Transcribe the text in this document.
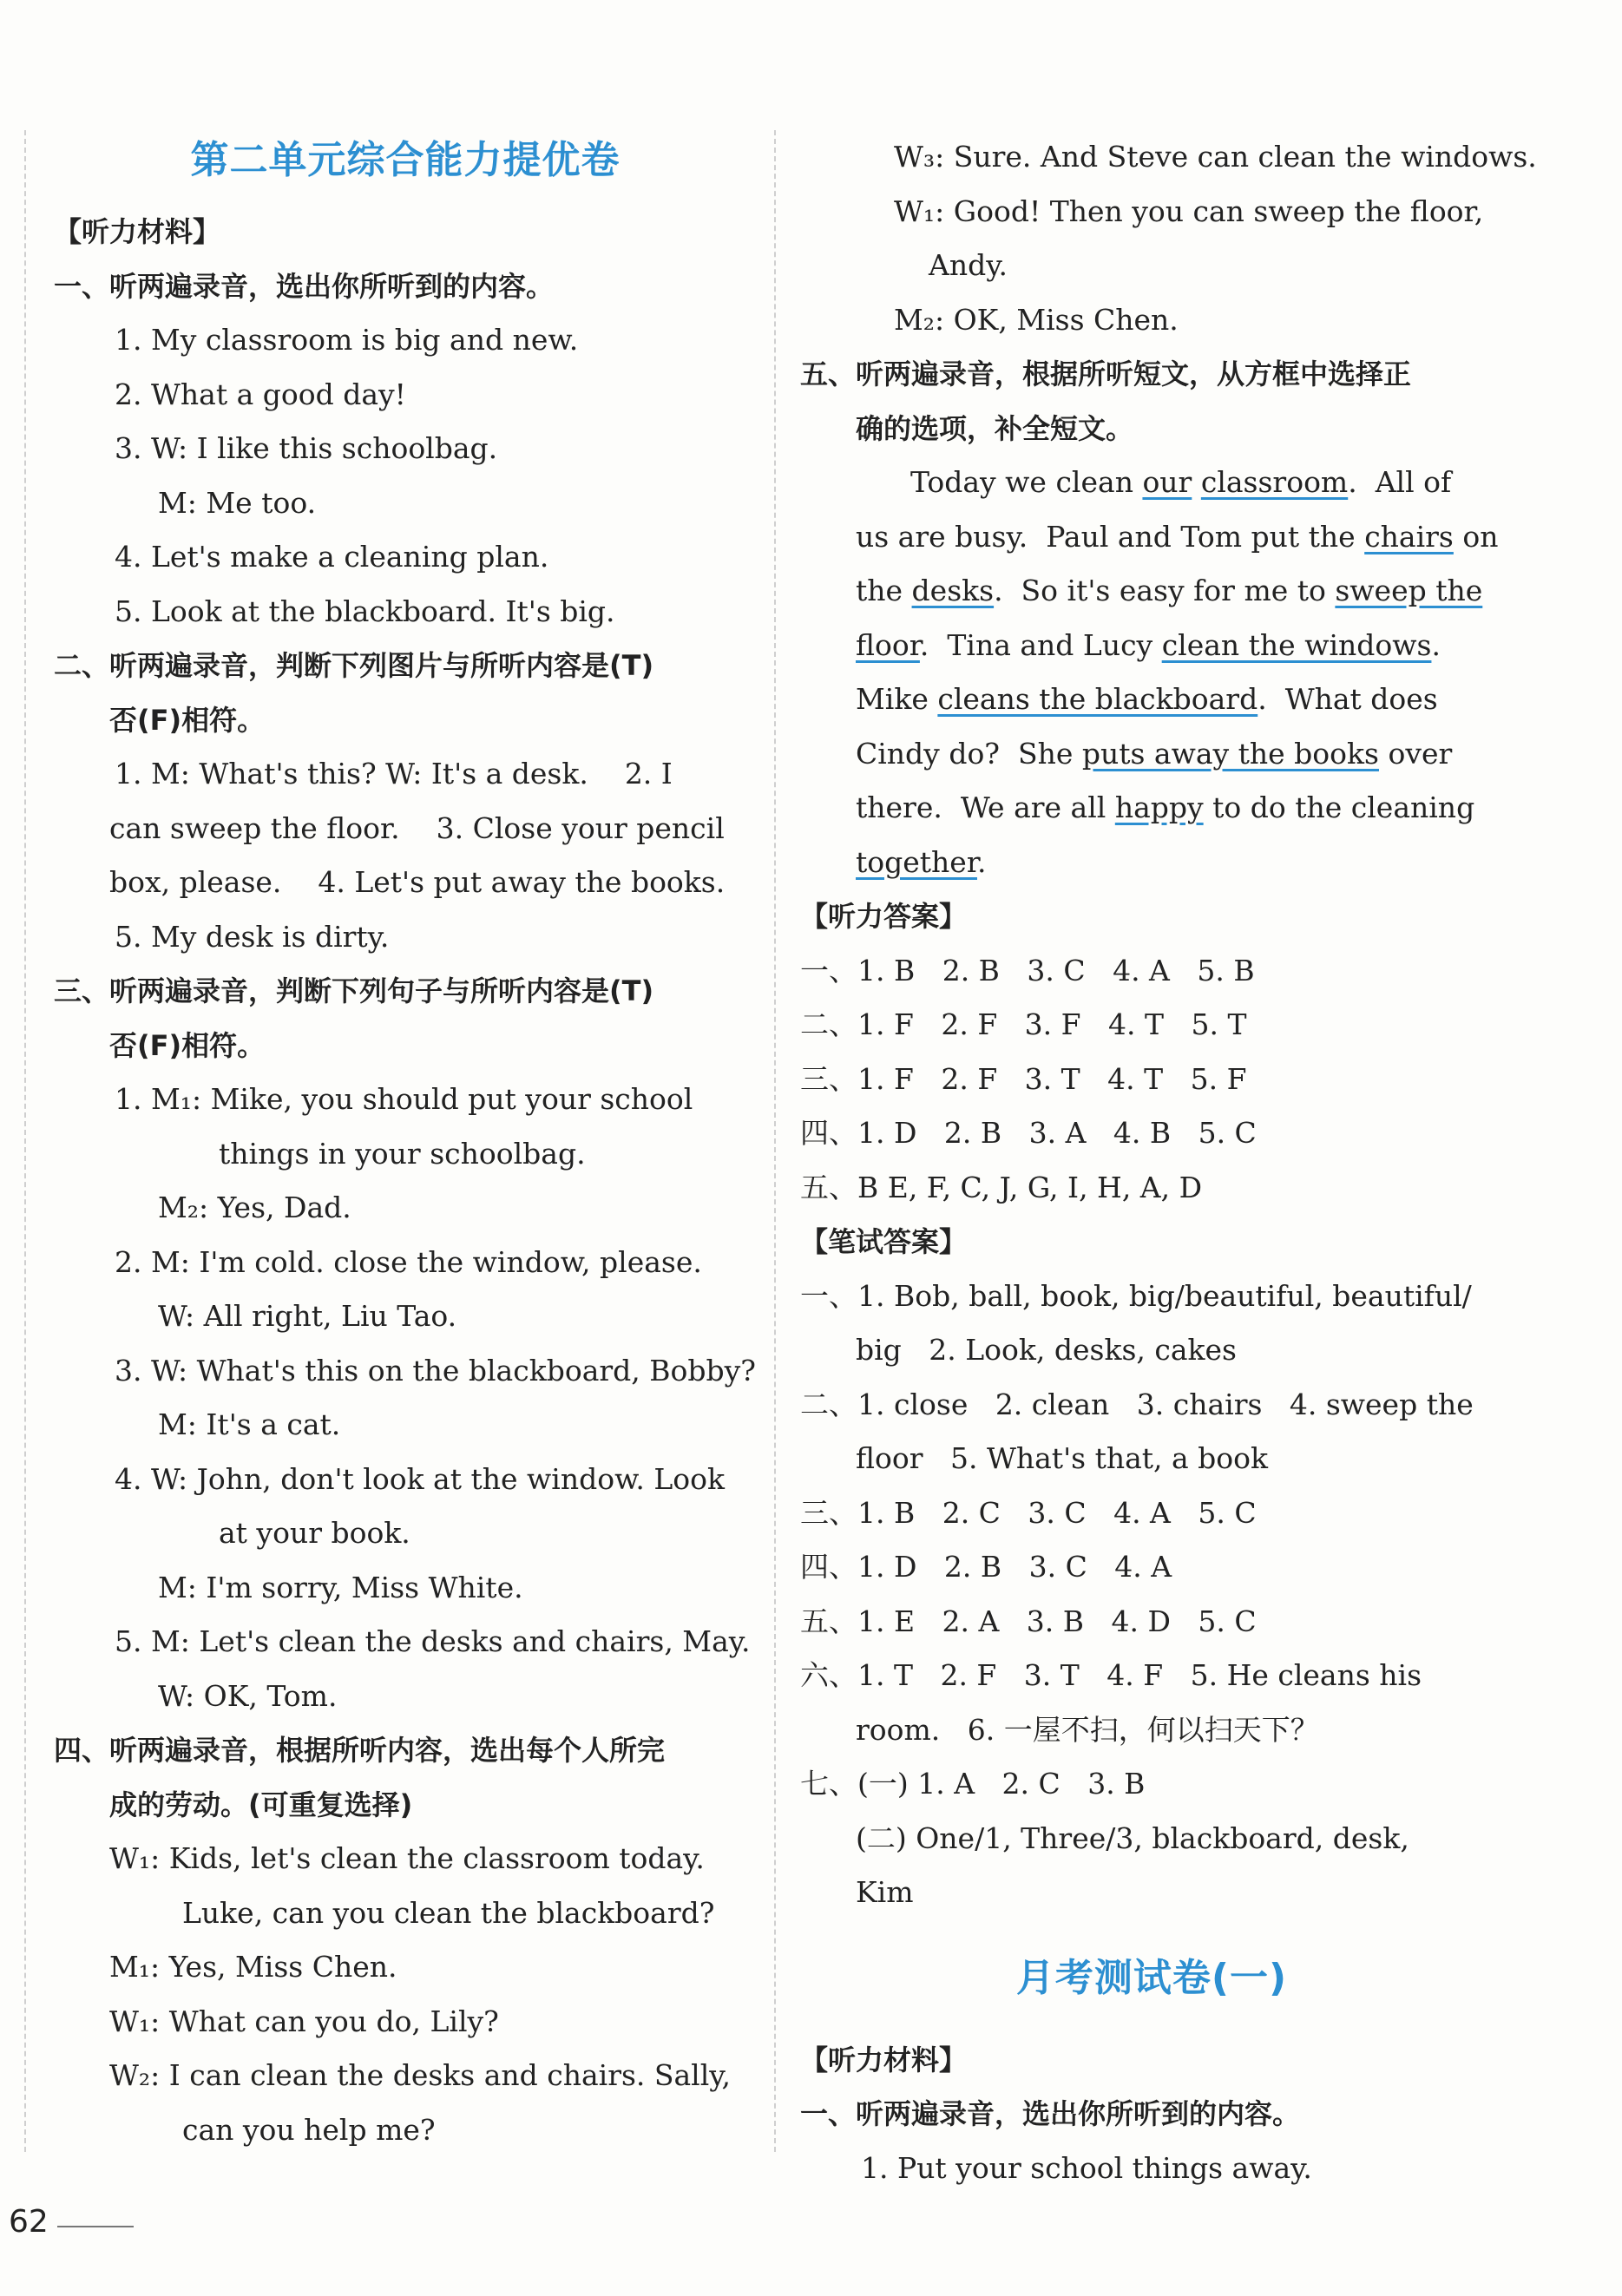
第二单元综合能力提优卷
【听力材料】
一、听两遍录音，选出你所听到的内容。
1. My classroom is big and new.
2. What a good day!
3. W: I like this schoolbag.
M: Me too.
4. Let's make a cleaning plan.
5. Look at the blackboard. It's big.
二、听两遍录音，判断下列图片与所听内容是(T)
否(F)相符。
1. M: What's this? W: It's a desk.    2. I
can sweep the floor.    3. Close your pencil
box, please.    4. Let's put away the books.
5. My desk is dirty.
三、听两遍录音，判断下列句子与所听内容是(T)
否(F)相符。
1. M₁: Mike, you should put your school
things in your schoolbag.
M₂: Yes, Dad.
2. M: I'm cold. close the window, please.
W: All right, Liu Tao.
3. W: What's this on the blackboard, Bobby?
M: It's a cat.
4. W: John, don't look at the window. Look
at your book.
M: I'm sorry, Miss White.
5. M: Let's clean the desks and chairs, May.
W: OK, Tom.
四、听两遍录音，根据所听内容，选出每个人所完
成的劳动。(可重复选择)
W₁: Kids, let's clean the classroom today.
Luke, can you clean the blackboard?
M₁: Yes, Miss Chen.
W₁: What can you do, Lily?
W₂: I can clean the desks and chairs. Sally,
can you help me?
W₃: Sure. And Steve can clean the windows.
W₁: Good! Then you can sweep the floor,
Andy.
M₂: OK, Miss Chen.
五、听两遍录音，根据所听短文，从方框中选择正
确的选项，补全短文。
Today we clean our classroom.  All of
us are busy.  Paul and Tom put the chairs on
the desks.  So it's easy for me to sweep the
floor.  Tina and Lucy clean the windows.
Mike cleans the blackboard.  What does
Cindy do?  She puts away the books over
there.  We are all happy to do the cleaning
together.
【听力答案】
一、1. B   2. B   3. C   4. A   5. B
二、1. F   2. F   3. F   4. T   5. T
三、1. F   2. F   3. T   4. T   5. F
四、1. D   2. B   3. A   4. B   5. C
五、B E, F, C, J, G, I, H, A, D
【笔试答案】
一、1. Bob, ball, book, big/beautiful, beautiful/
big   2. Look, desks, cakes
二、1. close   2. clean   3. chairs   4. sweep the
floor   5. What's that, a book
三、1. B   2. C   3. C   4. A   5. C
四、1. D   2. B   3. C   4. A
五、1. E   2. A   3. B   4. D   5. C
六、1. T   2. F   3. T   4. F   5. He cleans his
room.   6. 一屋不扫，何以扫天下？
七、(一) 1. A   2. C   3. B
(二) One/1, Three/3, blackboard, desk,
Kim
月考测试卷(一)
【听力材料】
一、听两遍录音，选出你所听到的内容。
1. Put your school things away.
62
